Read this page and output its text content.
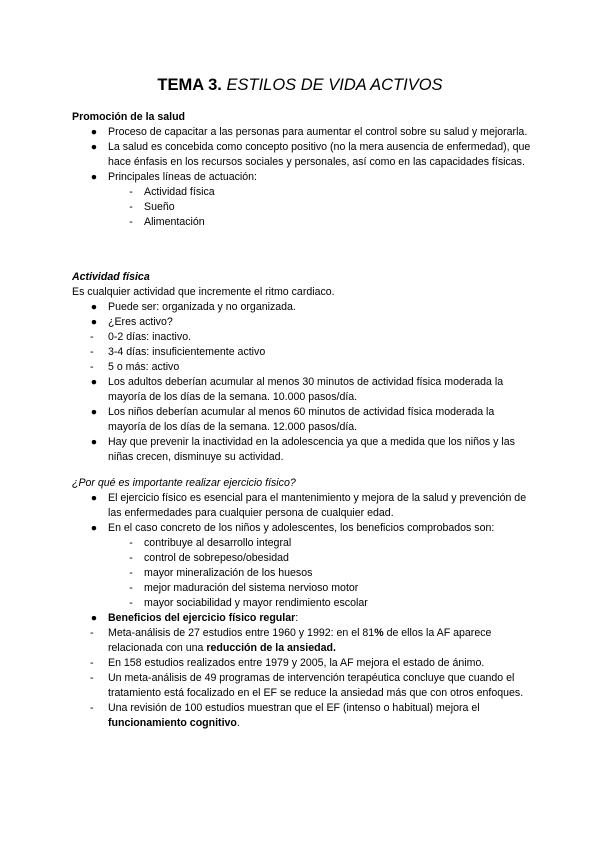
TEMA 3. ESTILOS DE VIDA ACTIVOS
Promoción de la salud
● Proceso de capacitar a las personas para aumentar el control sobre su salud y mejorarla.
● La salud es concebida como concepto positivo (no la mera ausencia de enfermedad), que hace énfasis en los recursos sociales y personales, así como en las capacidades físicas.
● Principales líneas de actuación:
-	Actividad física
-	Sueño
-	Alimentación
Actividad física
Es cualquier actividad que incremente el ritmo cardiaco.
● Puede ser: organizada y no organizada.
● ¿Eres activo?
- 0-2 días: inactivo.
- 3-4 días: insuficientemente activo
- 5 o más: activo
● Los adultos deberían acumular al menos 30 minutos de actividad física moderada la mayoría de los días de la semana. 10.000 pasos/día.
● Los niños deberían acumular al menos 60 minutos de actividad física moderada la mayoría de los días de la semana. 12.000 pasos/día.
● Hay que prevenir la inactividad en la adolescencia ya que a medida que los niños y las niñas crecen, disminuye su actividad.
¿Por qué es importante realizar ejercicio físico?
● El ejercicio físico es esencial para el mantenimiento y mejora de la salud y prevención de las enfermedades para cualquier persona de cualquier edad.
● En el caso concreto de los niños y adolescentes, los beneficios comprobados son:
-	contribuye al desarrollo integral
-	control de sobrepeso/obesidad
-	mayor mineralización de los huesos
-	mejor maduración del sistema nervioso motor
-	mayor sociabilidad y mayor rendimiento escolar
● Beneficios del ejercicio físico regular:
- Meta-análisis de 27 estudios entre 1960 y 1992: en el 81% de ellos la AF aparece relacionada con una reducción de la ansiedad.
- En 158 estudios realizados entre 1979 y 2005, la AF mejora el estado de ánimo.
- Un meta-análisis de 49 programas de intervención terapéutica concluye que cuando el tratamiento está focalizado en el EF se reduce la ansiedad más que con otros enfoques.
- Una revisión de 100 estudios muestran que el EF (intenso o habitual) mejora el funcionamiento cognitivo.
